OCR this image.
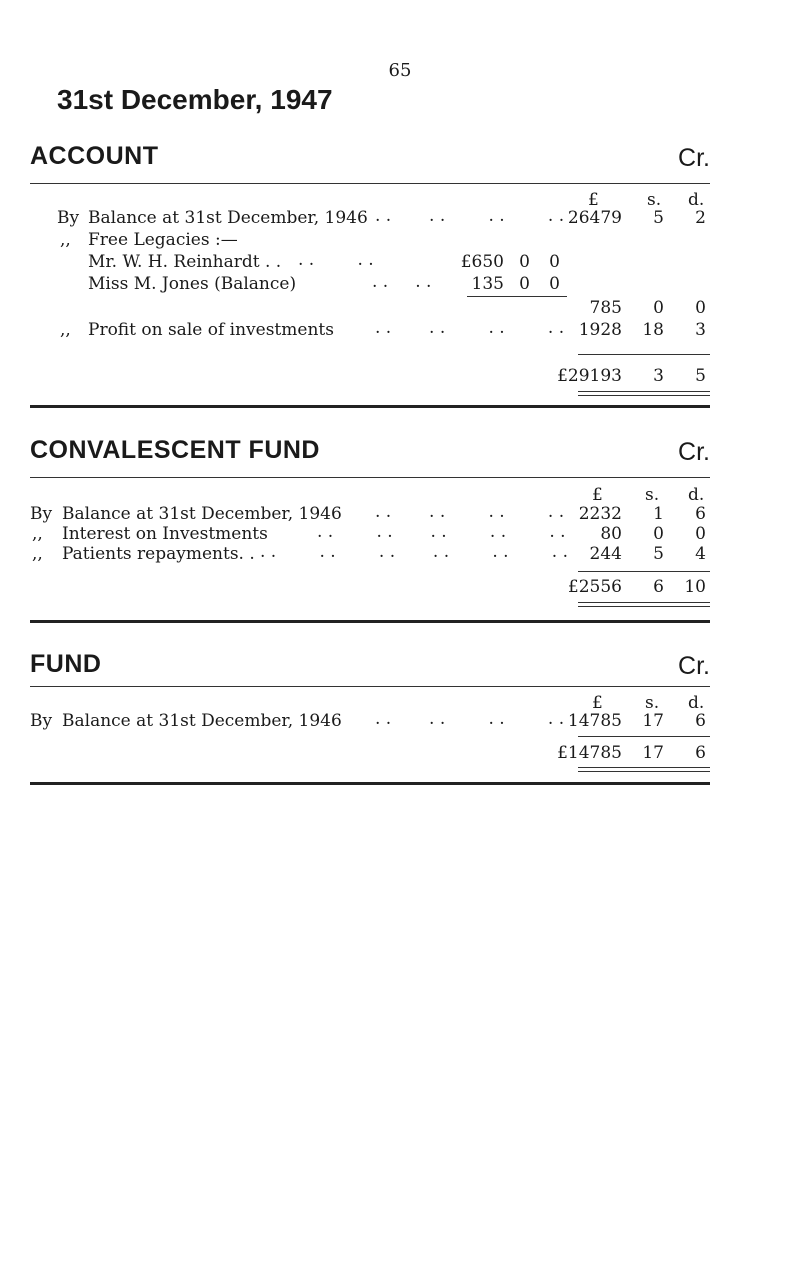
65
31st December, 1947
ACCOUNT	Cr.
£	s. d.
By Balance at 31st December, 1946 . .       . .        . .        . . 26479	5	2
,, Free Legacies :—
Mr. W. H. Reinhardt . . . .        . .	£650 0	0
Miss M. Jones (Balance)	. .     . .	135 0	0
785	0	0
,, Profit on sale of investments . .       . .        . .        . . 1928 18	3
£29193	3	5
CONVALESCENT FUND	Cr.
£ s. d.
By Balance at 31st December, 1946 . .       . .        . .        . . 2232	1	6
,, Interest on Investments	. .        . .       . .        . .        . .	80	0	0
,, Patients repayments. . . .        . .        . .       . .        . .        . .	244	5	4
£2556	6 10
FUND	Cr.
£ s. d.
By Balance at 31st December, 1946 . .       . .        . .        . . 14785 17	6
£14785 17	6
